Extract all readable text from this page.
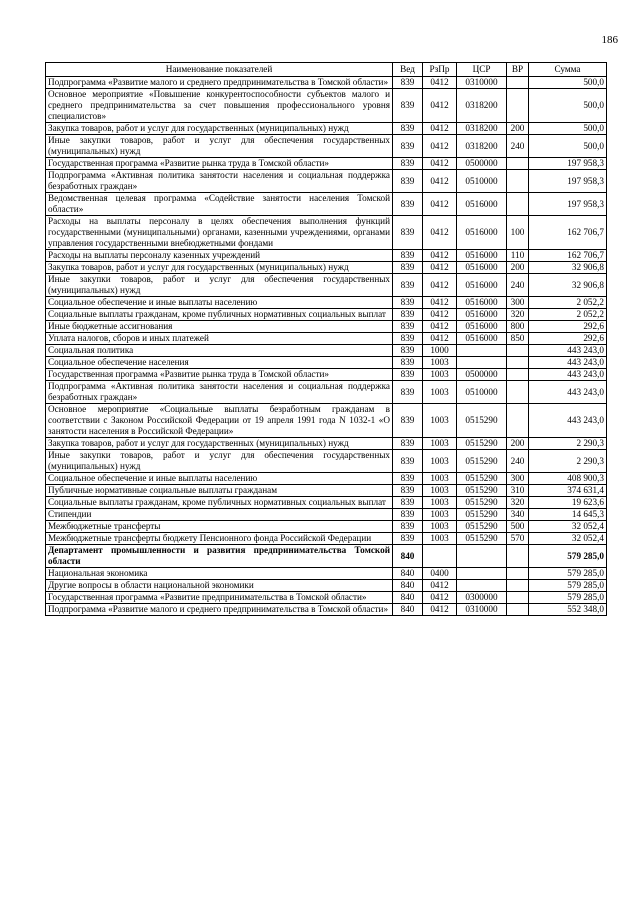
186
Наименование показателей	Вед	РзПр	ЦСР	ВР	Сумма
Подпрограмма «Развитие малого и среднего предпринимательства в Томской области»	839	0412	0310000		500,0
Основное мероприятие «Повышение конкурентоспособности субъектов малого и среднего предпринимательства за счет повышения профессионального уровня специалистов»	839	0412	0318200		500,0
Закупка товаров, работ и услуг для государственных (муниципальных) нужд	839	0412	0318200	200	500,0
Иные закупки товаров, работ и услуг для обеспечения государственных (муниципальных) нужд	839	0412	0318200	240	500,0
Государственная программа «Развитие рынка труда в Томской области»	839	0412	0500000		197 958,3
Подпрограмма «Активная политика занятости населения и социальная поддержка безработных граждан»	839	0412	0510000		197 958,3
Ведомственная целевая программа «Содействие занятости населения Томской области»	839	0412	0516000		197 958,3
Расходы на выплаты персоналу в целях обеспечения выполнения функций государственными (муниципальными) органами, казенными учреждениями, органами управления государственными внебюджетными фондами	839	0412	0516000	100	162 706,7
Расходы на выплаты персоналу казенных учреждений	839	0412	0516000	110	162 706,7
Закупка товаров, работ и услуг для государственных (муниципальных) нужд	839	0412	0516000	200	32 906,8
Иные закупки товаров, работ и услуг для обеспечения государственных (муниципальных) нужд	839	0412	0516000	240	32 906,8
Социальное обеспечение и иные выплаты населению	839	0412	0516000	300	2 052,2
Социальные выплаты гражданам, кроме публичных нормативных социальных выплат	839	0412	0516000	320	2 052,2
Иные бюджетные ассигнования	839	0412	0516000	800	292,6
Уплата налогов, сборов и иных платежей	839	0412	0516000	850	292,6
Социальная политика	839	1000			443 243,0
Социальное обеспечение населения	839	1003			443 243,0
Государственная программа «Развитие рынка труда в Томской области»	839	1003	0500000		443 243,0
Подпрограмма «Активная политика занятости населения и социальная поддержка безработных граждан»	839	1003	0510000		443 243,0
Основное мероприятие «Социальные выплаты безработным гражданам в соответствии с Законом Российской Федерации от 19 апреля 1991 года N 1032-1 «О занятости населения в Российской Федерации»	839	1003	0515290		443 243,0
Закупка товаров, работ и услуг для государственных (муниципальных) нужд	839	1003	0515290	200	2 290,3
Иные закупки товаров, работ и услуг для обеспечения государственных (муниципальных) нужд	839	1003	0515290	240	2 290,3
Социальное обеспечение и иные выплаты населению	839	1003	0515290	300	408 900,3
Публичные нормативные социальные выплаты гражданам	839	1003	0515290	310	374 631,4
Социальные выплаты гражданам, кроме публичных нормативных социальных выплат	839	1003	0515290	320	19 623,6
Стипендии	839	1003	0515290	340	14 645,3
Межбюджетные трансферты	839	1003	0515290	500	32 052,4
Межбюджетные трансферты бюджету Пенсионного фонда Российской Федерации	839	1003	0515290	570	32 052,4
Департамент промышленности и развития предпринимательства Томской области	840				579 285,0
Национальная экономика	840	0400			579 285,0
Другие вопросы в области национальной экономики	840	0412			579 285,0
Государственная программа «Развитие предпринимательства в Томской области»	840	0412	0300000		579 285,0
Подпрограмма «Развитие малого и среднего предпринимательства в Томской области»	840	0412	0310000		552 348,0
